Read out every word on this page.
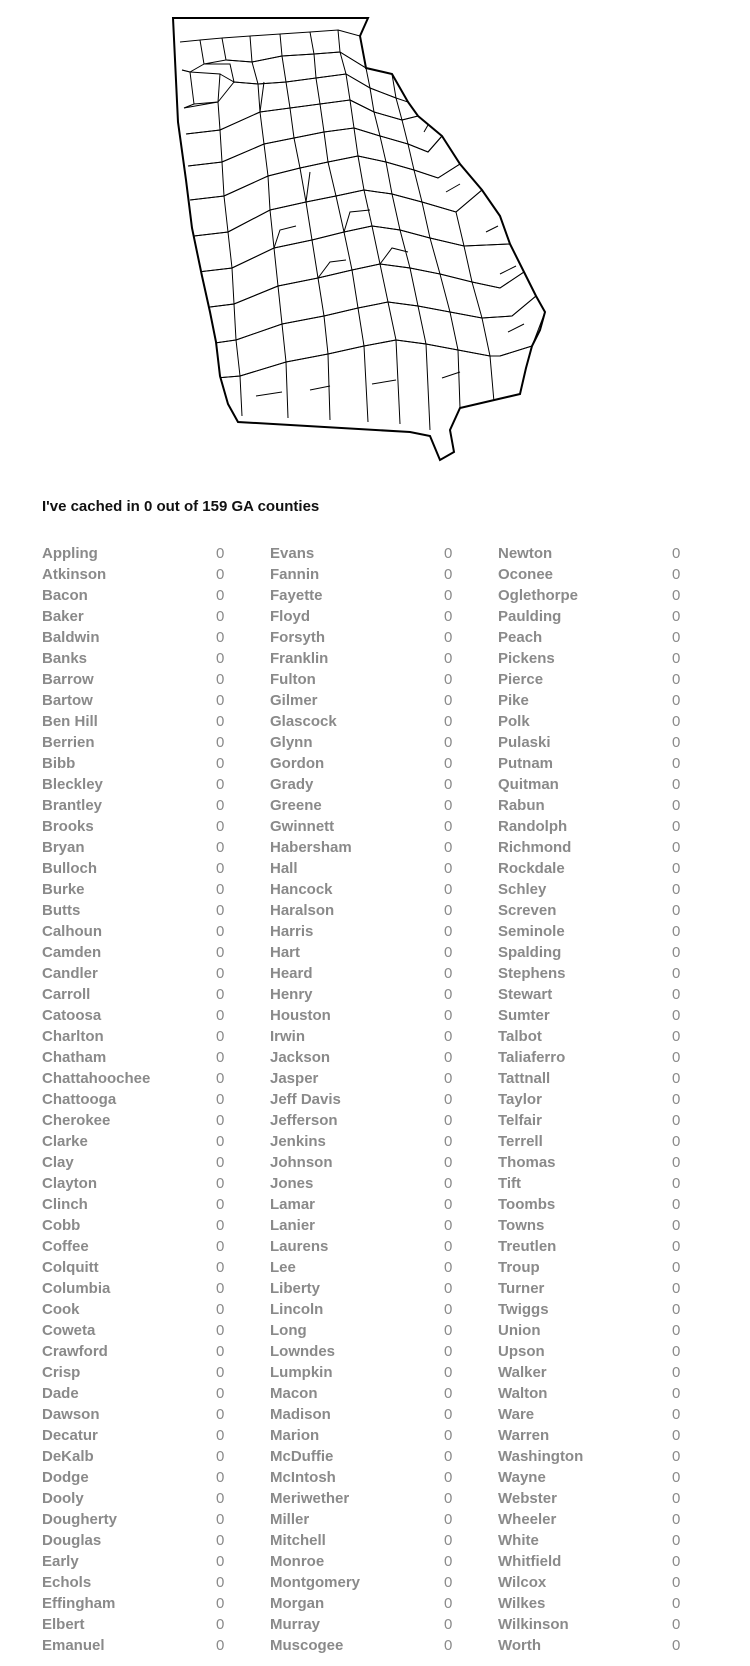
I've cached in 0 out of 159 GA counties
Appling	0
Atkinson	0
Bacon	0
Baker	0
Baldwin	0
Banks	0
Barrow	0
Bartow	0
Ben Hill	0
Berrien	0
Bibb	0
Bleckley	0
Brantley	0
Brooks	0
Bryan	0
Bulloch	0
Burke	0
Butts	0
Calhoun	0
Camden	0
Candler	0
Carroll	0
Catoosa	0
Charlton	0
Chatham	0
Chattahoochee	0
Chattooga	0
Cherokee	0
Clarke	0
Clay	0
Clayton	0
Clinch	0
Cobb	0
Coffee	0
Colquitt	0
Columbia	0
Cook	0
Coweta	0
Crawford	0
Crisp	0
Dade	0
Dawson	0
Decatur	0
DeKalb	0
Dodge	0
Dooly	0
Dougherty	0
Douglas	0
Early	0
Echols	0
Effingham	0
Elbert	0
Emanuel	0
Evans	0
Fannin	0
Fayette	0
Floyd	0
Forsyth	0
Franklin	0
Fulton	0
Gilmer	0
Glascock	0
Glynn	0
Gordon	0
Grady	0
Greene	0
Gwinnett	0
Habersham	0
Hall	0
Hancock	0
Haralson	0
Harris	0
Hart	0
Heard	0
Henry	0
Houston	0
Irwin	0
Jackson	0
Jasper	0
Jeff Davis	0
Jefferson	0
Jenkins	0
Johnson	0
Jones	0
Lamar	0
Lanier	0
Laurens	0
Lee	0
Liberty	0
Lincoln	0
Long	0
Lowndes	0
Lumpkin	0
Macon	0
Madison	0
Marion	0
McDuffie	0
McIntosh	0
Meriwether	0
Miller	0
Mitchell	0
Monroe	0
Montgomery	0
Morgan	0
Murray	0
Muscogee	0
Newton	0
Oconee	0
Oglethorpe	0
Paulding	0
Peach	0
Pickens	0
Pierce	0
Pike	0
Polk	0
Pulaski	0
Putnam	0
Quitman	0
Rabun	0
Randolph	0
Richmond	0
Rockdale	0
Schley	0
Screven	0
Seminole	0
Spalding	0
Stephens	0
Stewart	0
Sumter	0
Talbot	0
Taliaferro	0
Tattnall	0
Taylor	0
Telfair	0
Terrell	0
Thomas	0
Tift	0
Toombs	0
Towns	0
Treutlen	0
Troup	0
Turner	0
Twiggs	0
Union	0
Upson	0
Walker	0
Walton	0
Ware	0
Warren	0
Washington	0
Wayne	0
Webster	0
Wheeler	0
White	0
Whitfield	0
Wilcox	0
Wilkes	0
Wilkinson	0
Worth	0
